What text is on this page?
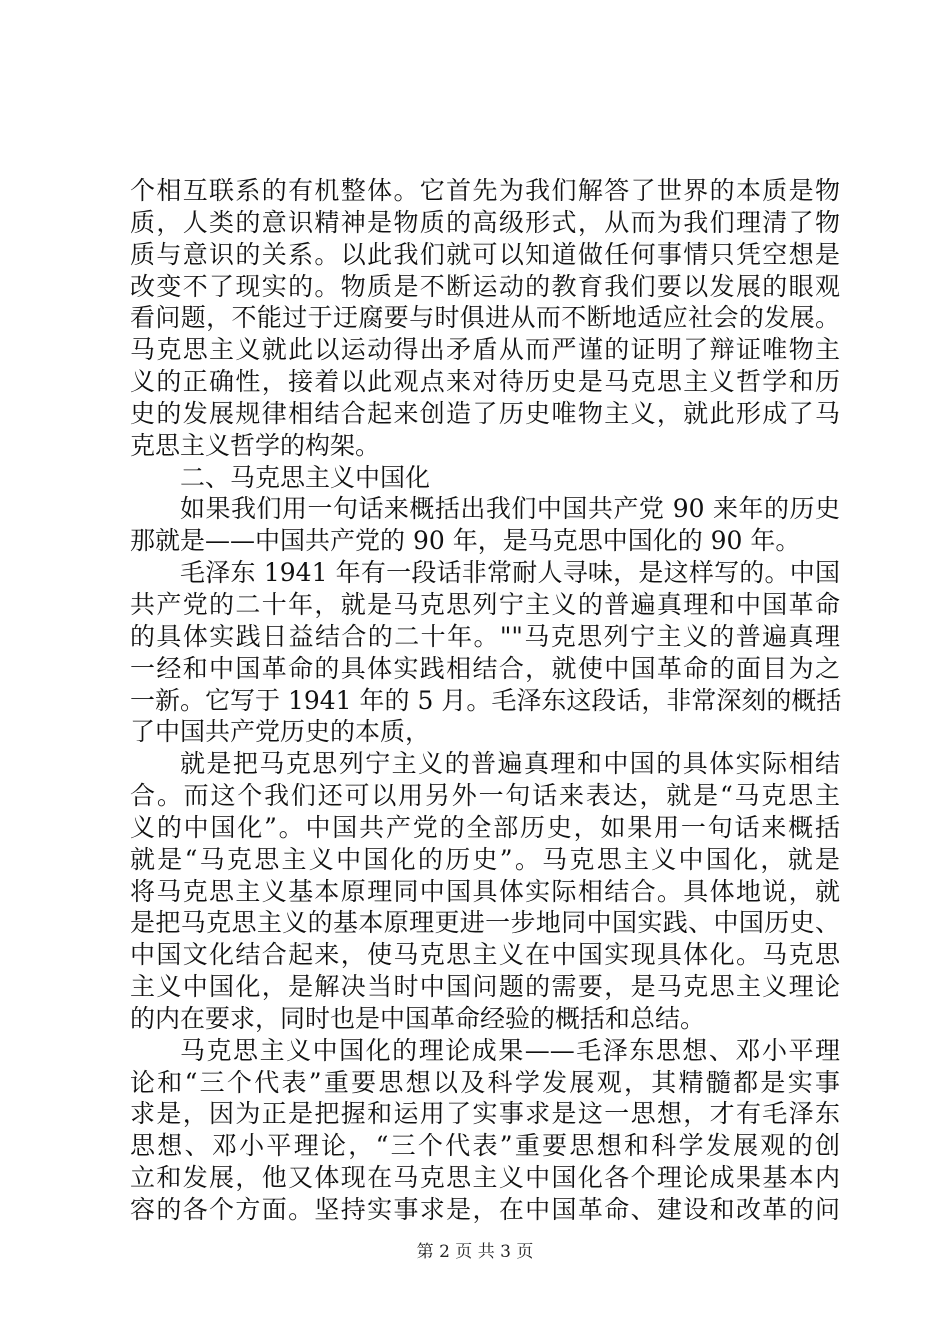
个相互联系的有机整体。它首先为我们解答了世界的本质是物
质，人类的意识精神是物质的高级形式，从而为我们理清了物
质与意识的关系。以此我们就可以知道做任何事情只凭空想是
改变不了现实的。物质是不断运动的教育我们要以发展的眼观
看问题，不能过于迂腐要与时俱进从而不断地适应社会的发展。
马克思主义就此以运动得出矛盾从而严谨的证明了辩证唯物主
义的正确性，接着以此观点来对待历史是马克思主义哲学和历
史的发展规律相结合起来创造了历史唯物主义，就此形成了马
克思主义哲学的构架。
二、马克思主义中国化
如果我们用一句话来概括出我们中国共产党 90 来年的历史
那就是——中国共产党的 90 年，是马克思中国化的 90 年。
毛泽东 1941 年有一段话非常耐人寻味，是这样写的。中国
共产党的二十年，就是马克思列宁主义的普遍真理和中国革命
的具体实践日益结合的二十年。""马克思列宁主义的普遍真理
一经和中国革命的具体实践相结合，就使中国革命的面目为之
一新。它写于 1941 年的 5 月。毛泽东这段话，非常深刻的概括
了中国共产党历史的本质，
就是把马克思列宁主义的普遍真理和中国的具体实际相结
合。而这个我们还可以用另外一句话来表达，就是“马克思主
义的中国化”。中国共产党的全部历史，如果用一句话来概括
就是“马克思主义中国化的历史”。马克思主义中国化，就是
将马克思主义基本原理同中国具体实际相结合。具体地说，就
是把马克思主义的基本原理更进一步地同中国实践、中国历史、
中国文化结合起来，使马克思主义在中国实现具体化。马克思
主义中国化，是解决当时中国问题的需要，是马克思主义理论
的内在要求，同时也是中国革命经验的概括和总结。
马克思主义中国化的理论成果——毛泽东思想、邓小平理
论和“三个代表”重要思想以及科学发展观，其精髓都是实事
求是，因为正是把握和运用了实事求是这一思想，才有毛泽东
思想、邓小平理论，“三个代表”重要思想和科学发展观的创
立和发展，他又体现在马克思主义中国化各个理论成果基本内
容的各个方面。坚持实事求是，在中国革命、建设和改革的问
第 2 页 共 3 页
